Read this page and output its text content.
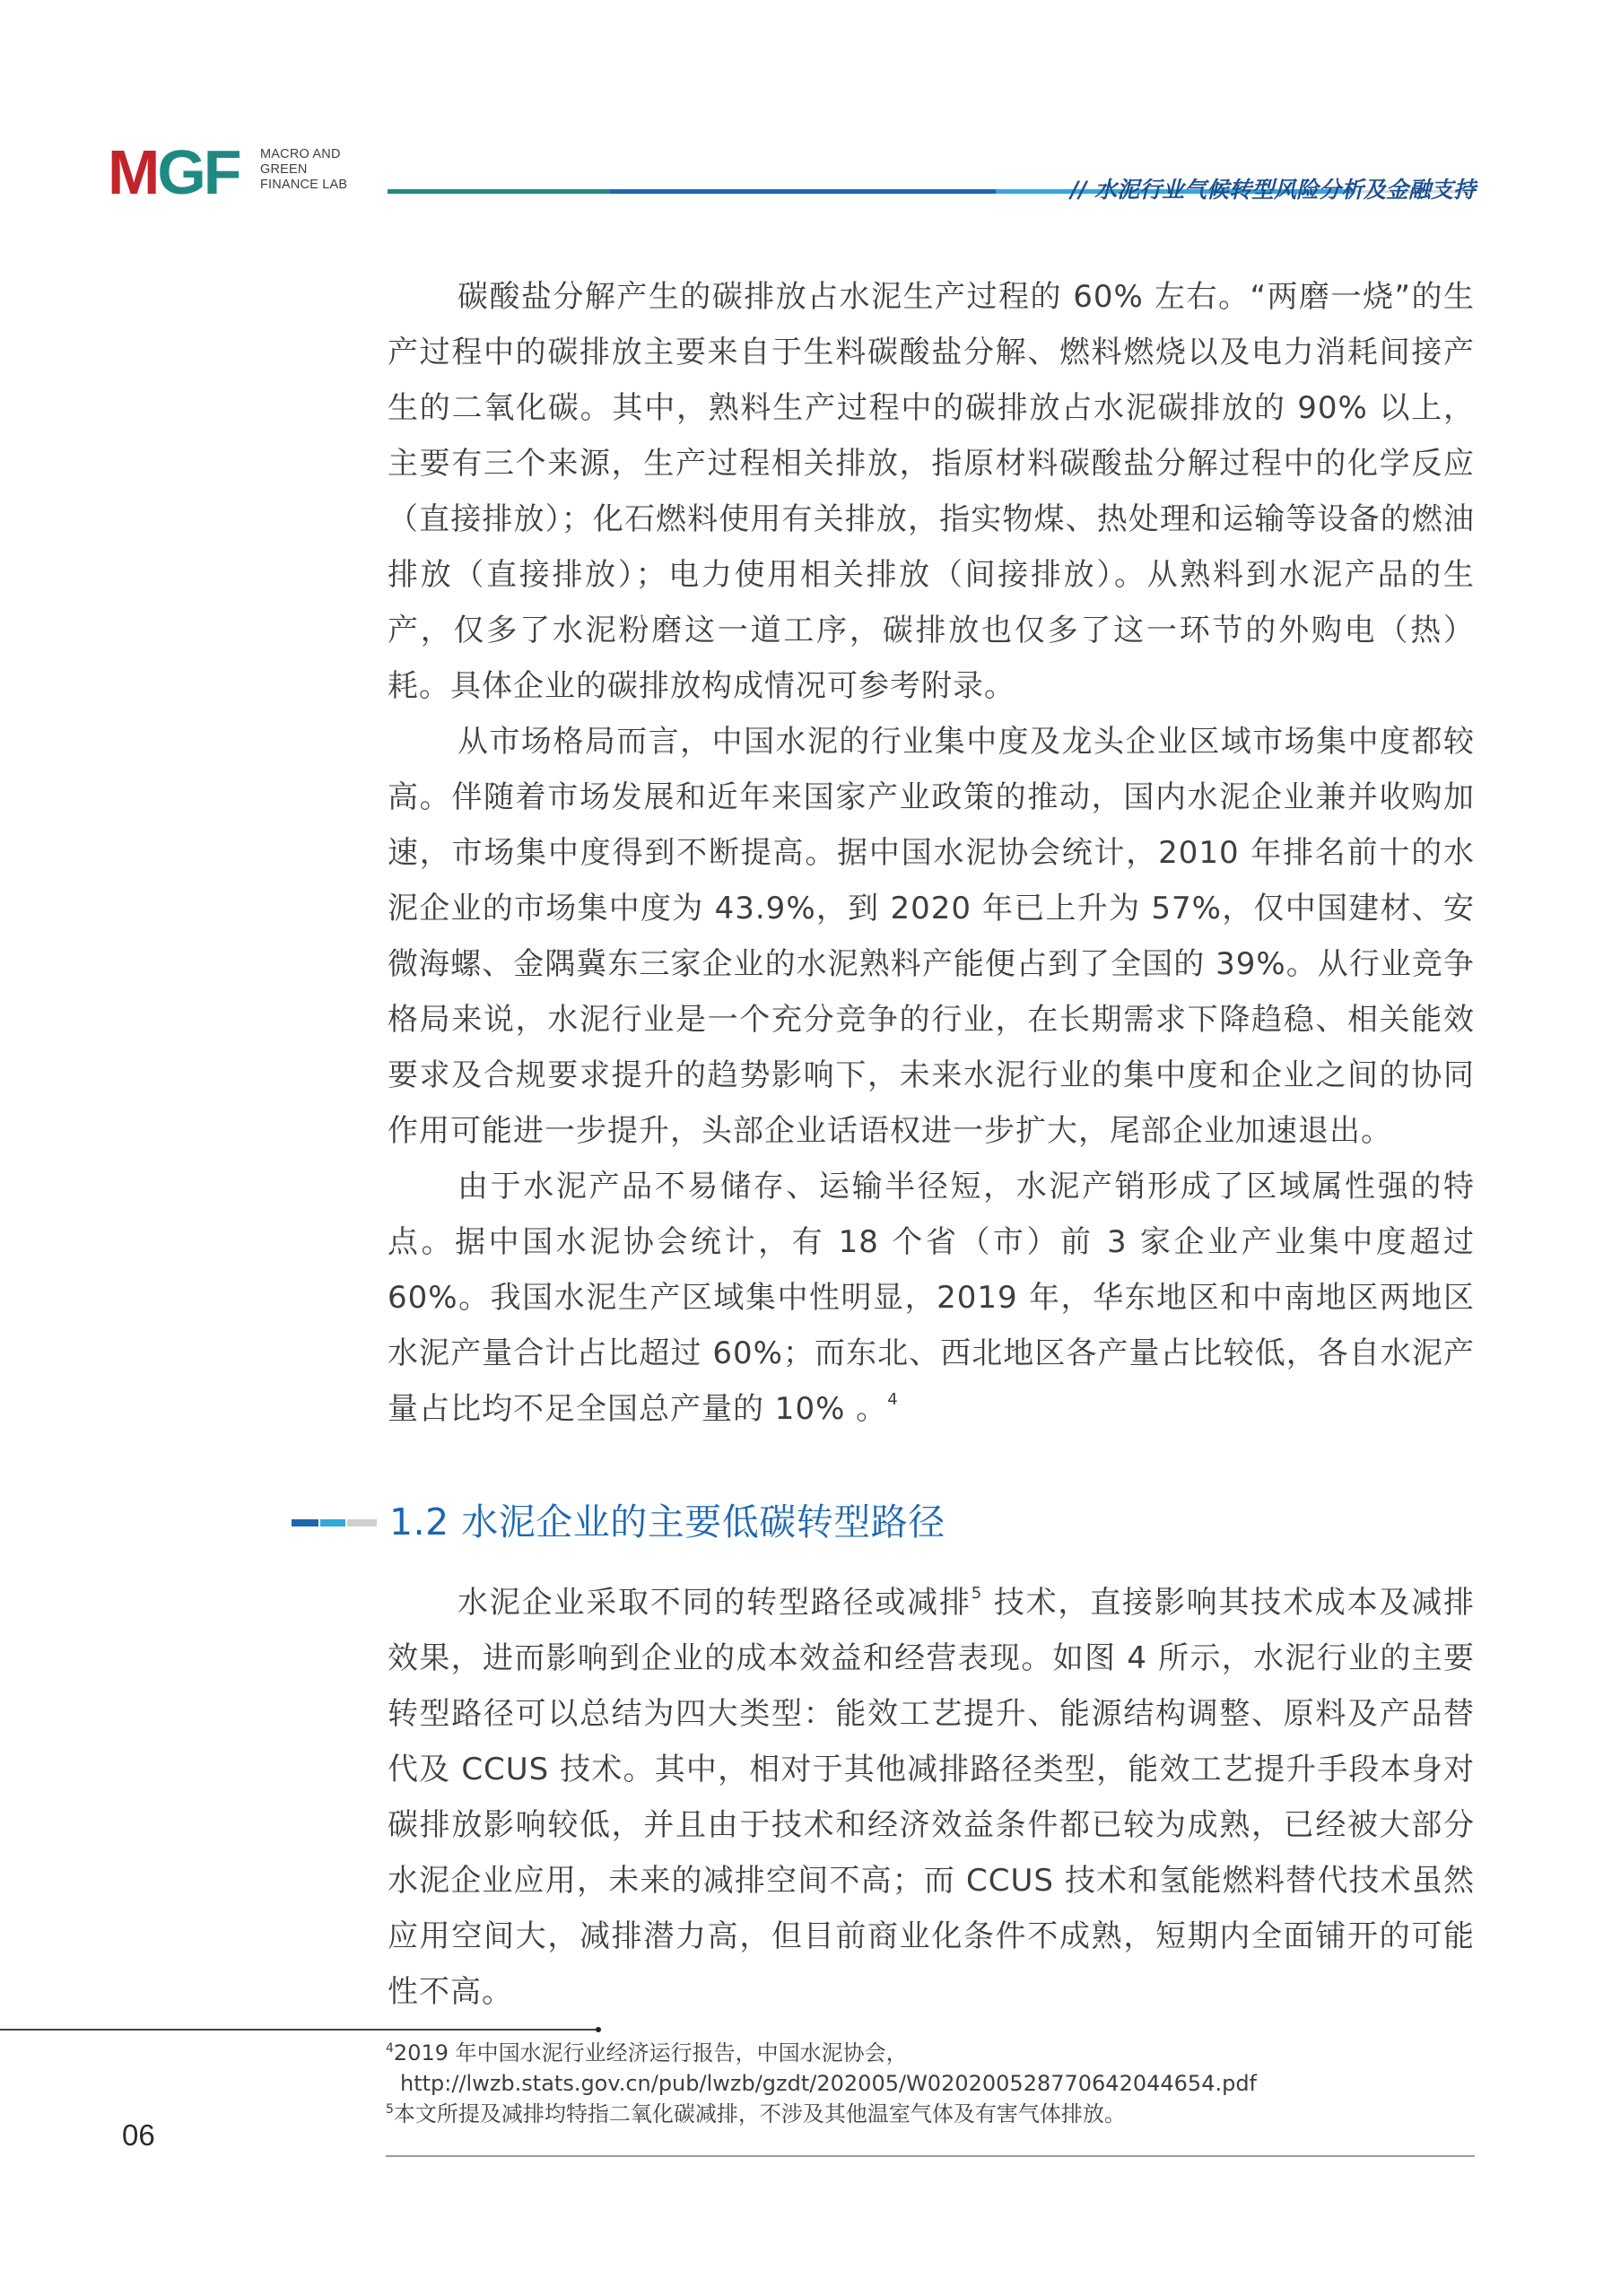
MGF MACRO AND
GREEN
FINANCE LAB	// 水泥行业气候转型风险分析及金融支持

碳酸盐分解产生的碳排放占水泥生产过程的 60% 左右。“两磨一烧”的生产过程中的碳排放主要来自于生料碳酸盐分解、燃料燃烧以及电力消耗间接产生的二氧化碳。其中，熟料生产过程中的碳排放占水泥碳排放的 90% 以上，主要有三个来源，生产过程相关排放，指原材料碳酸盐分解过程中的化学反应（直接排放）；化石燃料使用有关排放，指实物煤、热处理和运输等设备的燃油排放（直接排放）；电力使用相关排放（间接排放）。从熟料到水泥产品的生产，仅多了水泥粉磨这一道工序，碳排放也仅多了这一环节的外购电（热）耗。具体企业的碳排放构成情况可参考附录。

从市场格局而言，中国水泥的行业集中度及龙头企业区域市场集中度都较高。伴随着市场发展和近年来国家产业政策的推动，国内水泥企业兼并收购加速，市场集中度得到不断提高。据中国水泥协会统计，2010 年排名前十的水泥企业的市场集中度为 43.9%，到 2020 年已上升为 57%，仅中国建材、安微海螺、金隅冀东三家企业的水泥熟料产能便占到了全国的 39%。从行业竞争格局来说，水泥行业是一个充分竞争的行业，在长期需求下降趋稳、相关能效要求及合规要求提升的趋势影响下，未来水泥行业的集中度和企业之间的协同作用可能进一步提升，头部企业话语权进一步扩大，尾部企业加速退出。

由于水泥产品不易储存、运输半径短，水泥产销形成了区域属性强的特点。据中国水泥协会统计，有 18 个省（市）前 3 家企业产业集中度超过 60%。我国水泥生产区域集中性明显，2019 年，华东地区和中南地区两地区水泥产量合计占比超过 60%；而东北、西北地区各产量占比较低，各自水泥产量占比均不足全国总产量的 10% 。$^4$

1.2 水泥企业的主要低碳转型路径

水泥企业采取不同的转型路径或减排$^5$ 技术，直接影响其技术成本及减排效果，进而影响到企业的成本效益和经营表现。如图 4 所示，水泥行业的主要转型路径可以总结为四大类型：能效工艺提升、能源结构调整、原料及产品替代及 CCUS 技术。其中，相对于其他减排路径类型，能效工艺提升手段本身对碳排放影响较低，并且由于技术和经济效益条件都已较为成熟，已经被大部分水泥企业应用，未来的减排空间不高；而 CCUS 技术和氢能燃料替代技术虽然应用空间大，减排潜力高，但目前商业化条件不成熟，短期内全面铺开的可能性不高。

$^4$2019 年中国水泥行业经济运行报告，中国水泥协会，

http://lwzb.stats.gov.cn/pub/lwzb/gzdt/202005/W020200528770642044654.pdf

$^5$本文所提及减排均特指二氧化碳减排，不涉及其他温室气体及有害气体排放。

06
